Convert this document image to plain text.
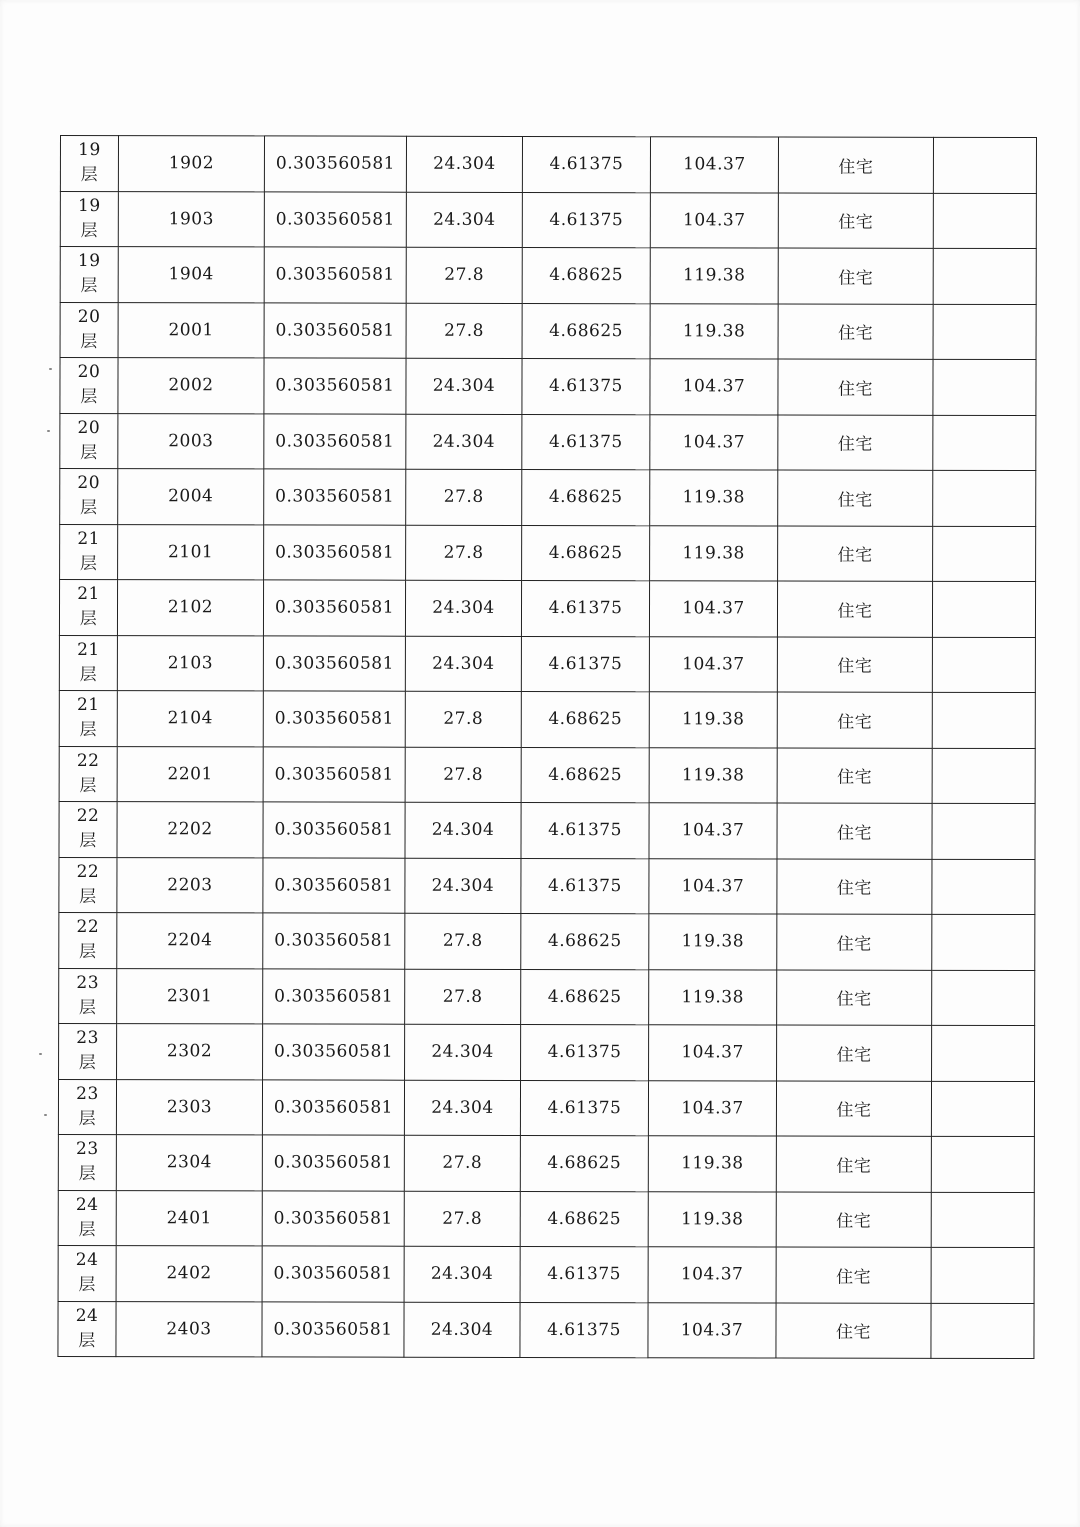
19
层	1902	0.303560581	24.304	4.61375	104.37	住宅	

19
层	1903	0.303560581	24.304	4.61375	104.37	住宅	

19
层	1904	0.303560581	27.8	4.68625	119.38	住宅	

20
层	2001	0.303560581	27.8	4.68625	119.38	住宅	

20
层	2002	0.303560581	24.304	4.61375	104.37	住宅	

20
层	2003	0.303560581	24.304	4.61375	104.37	住宅	

20
层	2004	0.303560581	27.8	4.68625	119.38	住宅	

21
层	2101	0.303560581	27.8	4.68625	119.38	住宅	

21
层	2102	0.303560581	24.304	4.61375	104.37	住宅	

21
层	2103	0.303560581	24.304	4.61375	104.37	住宅	

21
层	2104	0.303560581	27.8	4.68625	119.38	住宅	

22
层	2201	0.303560581	27.8	4.68625	119.38	住宅	

22
层	2202	0.303560581	24.304	4.61375	104.37	住宅	

22
层	2203	0.303560581	24.304	4.61375	104.37	住宅	

22
层	2204	0.303560581	27.8	4.68625	119.38	住宅	

23
层	2301	0.303560581	27.8	4.68625	119.38	住宅	

23
层	2302	0.303560581	24.304	4.61375	104.37	住宅	

23
层	2303	0.303560581	24.304	4.61375	104.37	住宅	

23
层	2304	0.303560581	27.8	4.68625	119.38	住宅	

24
层	2401	0.303560581	27.8	4.68625	119.38	住宅	

24
层	2402	0.303560581	24.304	4.61375	104.37	住宅	

24
层	2403	0.303560581	24.304	4.61375	104.37	住宅	
